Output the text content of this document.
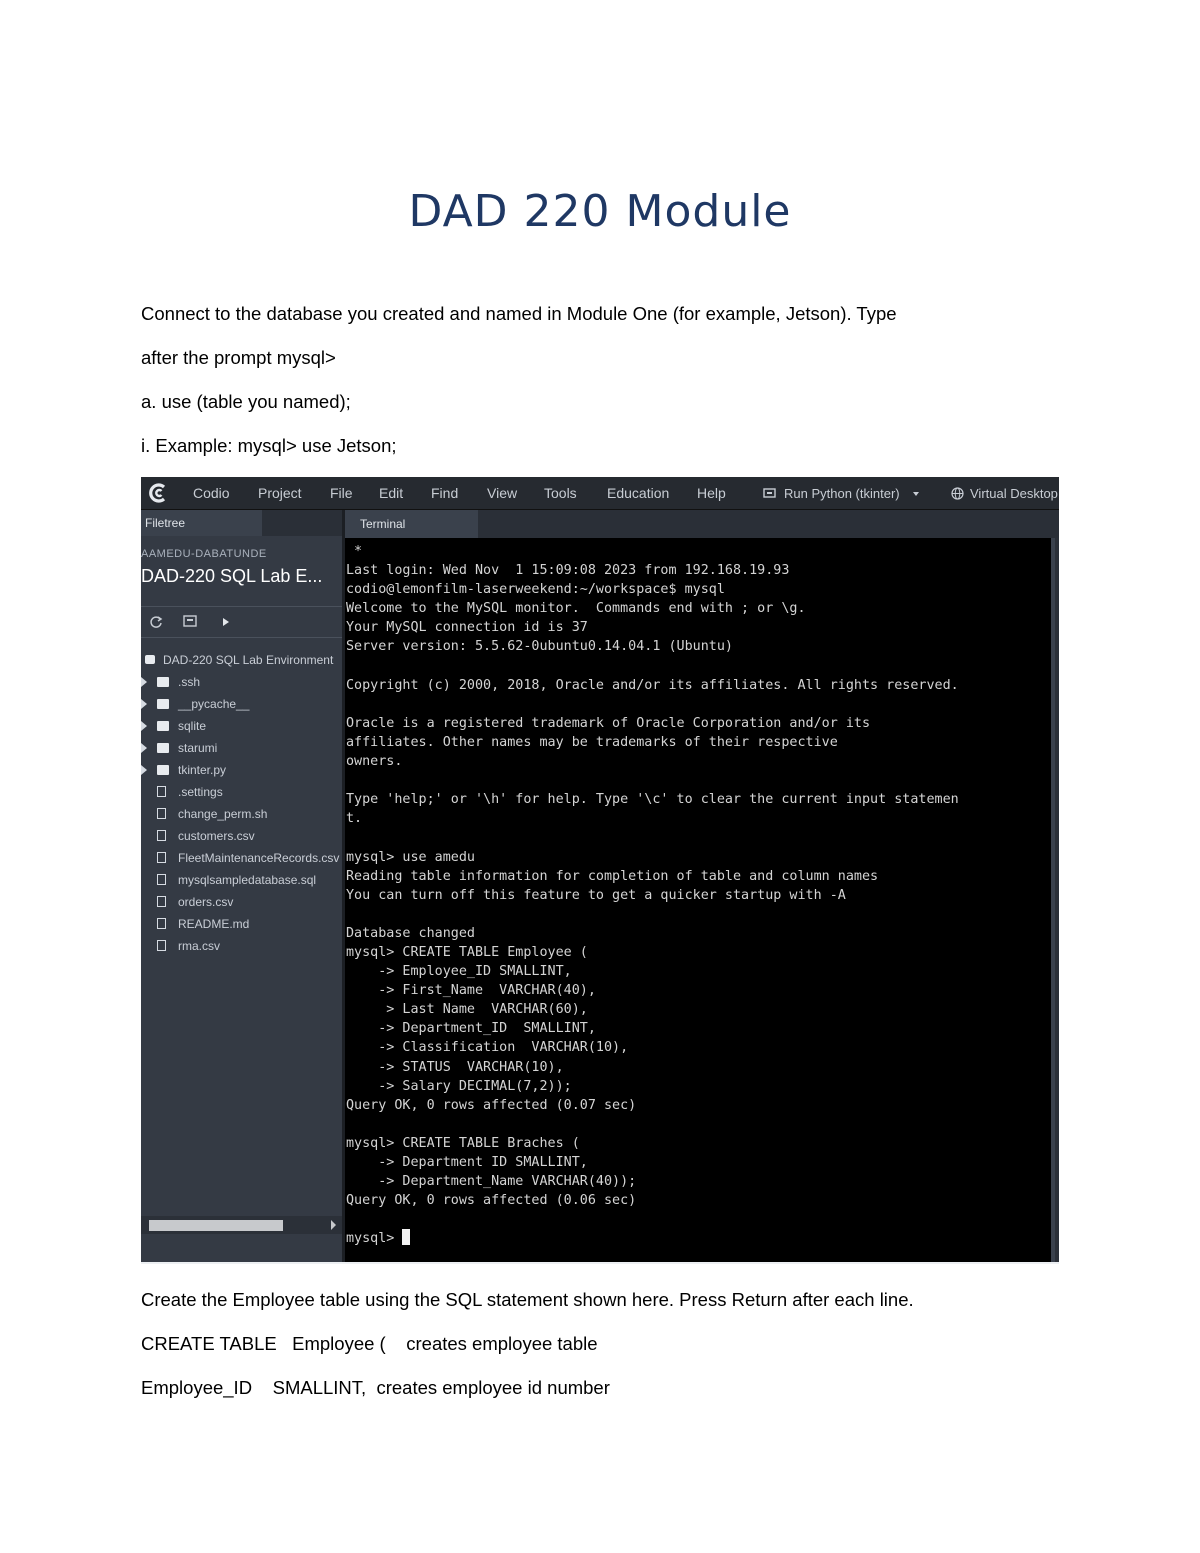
DAD 220 Module
Connect to the database you created and named in Module One (for example, Jetson). Type
after the prompt mysql>
a. use (table you named);
i. Example: mysql> use Jetson;
Codio Project File Edit Find View Tools Education Help	Run Python (tkinter)	Virtual Desktop
Filetree
AAMEDU-DABATUNDE
DAD-220 SQL Lab E...
DAD-220 SQL Lab Environment
.ssh
__pycache__
sqlite
starumi
tkinter.py
.settings
change_perm.sh
customers.csv
FleetMaintenanceRecords.csv
mysqlsampledatabase.sql
orders.csv
README.md
rma.csv
Terminal
*
Last login: Wed Nov  1 15:09:08 2023 from 192.168.19.93
codio@lemonfilm-laserweekend:~/workspace$ mysql
Welcome to the MySQL monitor.  Commands end with ; or \g.
Your MySQL connection id is 37
Server version: 5.5.62-0ubuntu0.14.04.1 (Ubuntu)

Copyright (c) 2000, 2018, Oracle and/or its affiliates. All rights reserved.

Oracle is a registered trademark of Oracle Corporation and/or its
affiliates. Other names may be trademarks of their respective
owners.

Type 'help;' or '\h' for help. Type '\c' to clear the current input statemen
t.

mysql> use amedu
Reading table information for completion of table and column names
You can turn off this feature to get a quicker startup with -A

Database changed
mysql> CREATE TABLE Employee (
-> Employee_ID SMALLINT,
-> First_Name  VARCHAR(40),
> Last Name  VARCHAR(60),
-> Department_ID  SMALLINT,
-> Classification  VARCHAR(10),
-> STATUS  VARCHAR(10),
-> Salary DECIMAL(7,2));
Query OK, 0 rows affected (0.07 sec)

mysql> CREATE TABLE Braches (
-> Department ID SMALLINT,
-> Department_Name VARCHAR(40));
Query OK, 0 rows affected (0.06 sec)

mysql>
Create the Employee table using the SQL statement shown here. Press Return after each line.
CREATE TABLE   Employee (    creates employee table
Employee_ID    SMALLINT,  creates employee id number
